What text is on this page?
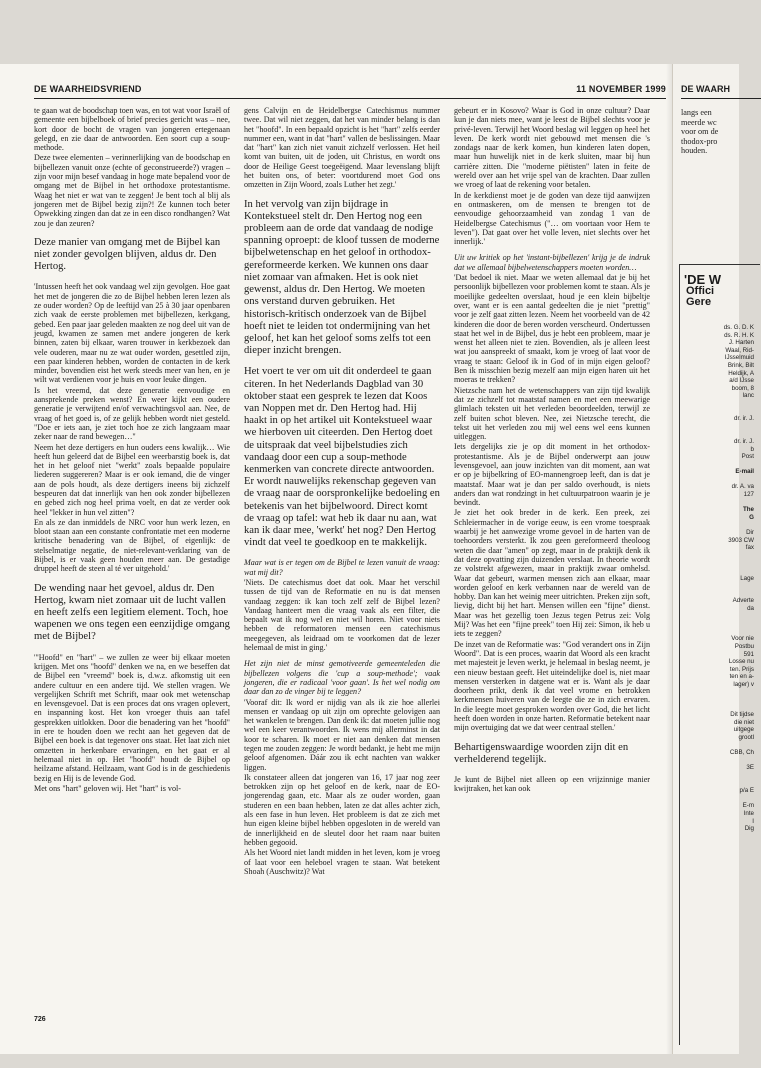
DE WAARHEIDSVRIEND	11 NOVEMBER 1999

te gaan wat de boodschap toen was, en tot wat voor Israël of gemeente een bijbelboek of brief precies gericht was – nee, kort door de bocht de vragen van jongeren ertegenaan gelegd, en zie daar de antwoorden. Een soort cup a soup-methode.

Deze twee elementen – verinnerlijking van de boodschap en bijbellezen vanuit onze (echte of geconstrueerde?) vragen – zijn voor mijn besef vandaag in hoge mate bepalend voor de omgang met de Bijbel in het orthodoxe protestantisme. Waag het niet er wat van te zeggen! Je bent toch al blij als jongeren met de Bijbel bezig zijn?! Ze kunnen toch beter Opwekking zingen dan dat ze in een disco rondhangen? Wat zou je dan zeuren?

Deze manier van omgang met de Bijbel kan niet zonder gevolgen blijven, aldus dr. Den Hertog.

'Intussen heeft het ook vandaag wel zijn gevolgen. Hoe gaat het met de jongeren die zo de Bijbel hebben leren lezen als ze ouder worden? Op de leeftijd van 25 à 30 jaar openbaren zich vaak de eerste problemen met bijbellezen, kerkgang, gebed. Een paar jaar geleden maakten ze nog deel uit van de jeugd, kwamen ze samen met andere jongeren de kerk binnen, zaten bij elkaar, waren trouwer in kerkbezoek dan vele ouderen, maar nu ze wat ouder worden, gesettled zijn, een paar kinderen hebben, worden de contacten in de kerk minder, bovendien eist het werk steeds meer van hen, en je wilt wat verdienen voor je huis en voor leuke dingen.

Is het vreemd, dat deze generatie eenvoudige en aansprekende preken wenst? En weer kijkt een oudere generatie je verwijtend en/of verwachtingsvol aan. Nee, de vraag of het goed is, of ze gelijk hebben wordt niet gesteld. "Doe er iets aan, je ziet toch hoe ze zich langzaam maar zeker naar de rand bewegen…"

Neem het deze dertigers en hun ouders eens kwalijk… Wie heeft hun geleerd dat de Bijbel een weerbarstig boek is, dat het in het geloof niet "werkt" zoals bepaalde populaire liederen suggereren? Maar is er ook iemand, die de vinger aan de pols houdt, als deze dertigers ineens bij zichzelf bespeuren dat dat innerlijk van hen ook zonder bijbellezen en gebed zich nog heel prima voelt, en dat ze verder ook heel "lekker in hun vel zitten"?

En als ze dan inmiddels de NRC voor hun werk lezen, en bloot staan aan een constante confrontatie met een moderne kritische benadering van de Bijbel, of eigenlijk: de stelselmatige negatie, de niet-relevant-verklaring van de Bijbel, is er vaak geen houden meer aan. De gestadige druppel heeft de steen al té ver uitgehold.'

De wending naar het gevoel, aldus dr. Den Hertog, kwam niet zomaar uit de lucht vallen en heeft zelfs een legitiem element. Toch, hoe wapenen we ons tegen een eenzijdige omgang met de Bijbel?

'"Hoofd" en "hart" – we zullen ze weer bij elkaar moeten krijgen. Met ons "hoofd" denken we na, en we beseffen dat de Bijbel een "vreemd" boek is, d.w.z. afkomstig uit een andere cultuur en een andere tijd. We stellen vragen. We vergelijken Schrift met Schrift, maar ook met wetenschap en levensgevoel. Dat is een proces dat ons vragen oplevert, en inspanning kost. Het kon vroeger thuis aan tafel gesprekken uitlokken. Door die benadering van het "hoofd" in ere te houden doen we recht aan het gegeven dat de Bijbel een boek is dat tegenover ons staat. Het laat zich niet omzetten in herkenbare ervaringen, en het gaat er al helemaal niet in op. Het "hoofd" houdt de Bijbel op heilzame afstand. Heilzaam, want God is in de geschiedenis bezig en Hij is de levende God.

Met ons "hart" geloven wij. Het "hart" is vol-

gens Calvijn en de Heidelbergse Catechismus nummer twee. Dat wil niet zeggen, dat het van minder belang is dan het "hoofd". In een bepaald opzicht is het "hart" zelfs eerder nummer een, want in dat "hart" vallen de beslissingen. Maar dat "hart" kan zich niet vanuit zichzelf verlossen. Het heil komt van buiten, uit de joden, uit Christus, en wordt ons door de Heilige Geest toegeëigend. Maar levenslang blijft het buiten ons, of beter: voortdurend moet God ons omzetten in Zijn Woord, zoals Luther het zegt.'

In het vervolg van zijn bijdrage in Kontekstueel stelt dr. Den Hertog nog een probleem aan de orde dat vandaag de nodige spanning oproept: de kloof tussen de moderne bijbelwetenschap en het geloof in orthodox-gereformeerde kerken. We kunnen ons daar niet zomaar van afmaken. Het is ook niet gewenst, aldus dr. Den Hertog. We moeten ons verstand durven gebruiken. Het historisch-kritisch onderzoek van de Bijbel hoeft niet te leiden tot ondermijning van het geloof, het kan het geloof soms zelfs tot een dieper inzicht brengen.

Het voert te ver om uit dit onderdeel te gaan citeren. In het Nederlands Dagblad van 30 oktober staat een gesprek te lezen dat Koos van Noppen met dr. Den Hertog had. Hij haakt in op het artikel uit Kontekstueel waar we hierboven uit citeerden. Den Hertog doet de uitspraak dat veel bijbelstudies zich vandaag door een cup a soup-methode kenmerken van concrete directe antwoorden. Er wordt nauwelijks rekenschap gegeven van de vraag naar de oorspronkelijke bedoeling en betekenis van het bijbelwoord. Direct komt de vraag op tafel: wat heb ik daar nu aan, wat kan ik daar mee, 'werkt' het nog? Den Hertog vindt dat veel te goedkoop en te makkelijk.

Maar wat is er tegen om de Bijbel te lezen vanuit de vraag: wat mij dit?

'Niets. De catechismus doet dat ook. Maar het verschil tussen de tijd van de Reformatie en nu is dat mensen vandaag zeggen: ik kan toch zelf zelf de Bijbel lezen? Vandaag hanteert men die vraag vaak als een filter, die bepaalt wat ik nog wel en niet wil horen. Niet voor niets hebben de reformatoren mensen een catechismus meegegeven, als leidraad om te voorkomen dat de lezer helemaal de mist in ging.'

Het zijn niet de minst gemotiveerde gemeenteleden die bijbellezen volgens die 'cup a soup-methode'; vaak jongeren, die er radicaal 'voor gaan'. Is het wel nodig om daar dan zo de vinger bij te leggen?

'Vooraf dit: Ik word er nijdig van als ik zie hoe allerlei mensen er vandaag op uit zijn om oprechte gelovigen aan het wankelen te brengen. Dan denk ik: dat moeten jullie nog wel een keer verantwoorden. Ik wens mij allerminst in dat koor te scharen. Ik moet er niet aan denken dat mensen tegen me zouden zeggen: Je wordt bedankt, je hebt me mijn geloof afgenomen. Dáár zou ik echt nachten van wakker liggen.

Ik constateer alleen dat jongeren van 16, 17 jaar nog zeer betrokken zijn op het geloof en de kerk, naar de EO-jongerendag gaan, etc. Maar als ze ouder worden, gaan studeren en een baan hebben, laten ze dat alles achter zich, als een fase in hun leven. Het probleem is dat ze zich met hun eigen kleine bijbel hebben opgesloten in de wereld van de innerlijkheid en de sleutel door het raam naar buiten hebben gegooid.

Als het Woord niet landt midden in het leven, kom je vroeg of laat voor een heleboel vragen te staan. Wat betekent Shoah (Auschwitz)? Wat

gebeurt er in Kosovo? Waar is God in onze cultuur? Daar kun je dan niets mee, want je leest de Bijbel slechts voor je privé-leven. Terwijl het Woord beslag wil leggen op heel het leven. De kerk wordt niet gebouwd met mensen die 's zondags naar de kerk komen, hun kinderen laten dopen, maar hun huwelijk niet in de kerk sluiten, maar bij hun carrière zitten. Die "moderne piëtisten" laten in feite de wereld over aan het vrije spel van de krachten. Daar zullen we vroeg of laat de rekening voor betalen.

In de kerkdienst moet je de goden van deze tijd aanwijzen en ontmaskeren, om de mensen te brengen tot de eenvoudige gehoorzaamheid van zondag 1 van de Heidelbergse Catechismus ("… om voortaan voor Hem te leven"). Dat gaat over het volle leven, niet slechts over het innerlijk.'

Uit uw kritiek op het 'instant-bijbellezen' krijg je de indruk dat we allemaal bijbelwetenschappers moeten worden…

'Dat bedoel ik niet. Maar we weten allemaal dat je bij het persoonlijk bijbellezen voor problemen komt te staan. Als je moeilijke gedeelten overslaat, houd je een klein bijbeltje over, want er is een aantal gedeelten die je niet "prettig" voor je zelf gaat zitten lezen. Neem het voorbeeld van de 42 kinderen die door de beren worden verscheurd. Ondertussen staat het wel in de Bijbel, dus je hebt een probleem, maar je wenst het alleen niet te zien. Bovendien, als je alleen leest wat jou aanspreekt of smaakt, kom je vroeg of laat voor de vraag te staan: Geloof ik in God of in mijn eigen geloof? Ben ik misschien bezig mezelf aan mijn eigen haren uit het moeras te trekken?

Nietzsche nam het de wetenschappers van zijn tijd kwalijk dat ze zichzelf tot maatstaf namen en met een meewarige glimlach teksten uit het verleden beoordeelden, terwijl ze zelf buiten schot bleven. Nee, zei Nietzsche terecht, die tekst uit het verleden zou mij wel eens wel eens kunnen uitleggen.

Iets dergelijks zie je op dit moment in het orthodox-protestantisme. Als je de Bijbel onderwerpt aan jouw levensgevoel, aan jouw inzichten van dit moment, aan wat er op je bijbelkring of EO-mannengroep leeft, dan is dat je maatstaf. Maar wat je dan per saldo overhoudt, is niets anders dan wat rondzingt in het cultuurpatroon waarin je je bevindt.

Je ziet het ook breder in de kerk. Een preek, zei Schleiermacher in de vorige eeuw, is een vrome toespraak waarbij je het aanwezige vrome gevoel in de harten van de toehoorders versterkt. Ik zou geen gereformeerd theoloog weten die daar "amen" op zegt, maar in de praktijk denk ik dat deze opvatting zijn duizenden verslaat. In theorie wordt ze volstrekt afgewezen, maar in praktijk zwaar omhelsd. Waar dat gebeurt, warmen mensen zich aan elkaar, maar worden geloof en kerk verbannen naar de wereld van de hobby. Dan kan het weinig meer uitrichten. Preken zijn soft, lievig, dicht bij het hart. Mensen willen een "fijne" dienst. Maar was het gezellig toen Jezus tegen Petrus zei: Volg Mij? Was het een "fijne preek" toen Hij zei: Simon, ik heb u iets te zeggen?

De inzet van de Reformatie was: "God verandert ons in Zijn Woord". Dat is een proces, waarin dat Woord als een kracht met majesteit je leven werkt, je helemaal in beslag neemt, je een nieuw bestaan geeft. Het uiteindelijke doel is, niet maar mensen versterken in datgene wat er is. Want als je daar doorheen prikt, denk ik dat veel vrome en betrokken kerkmensen huiveren van de leegte die ze in zich ervaren. In die leegte moet gesproken worden over God, die het licht heeft doen worden in onze harten. Reformatie betekent naar mijn overtuiging dat we dat weer centraal stellen.'

Behartigenswaardige woorden zijn dit en verhelderend tegelijk.

Je kunt de Bijbel niet alleen op een vrijzinnige manier kwijtraken, het kan ook

726
DE WAARH
langs een
meerde wc
voor om de
thodox-pro
houden.
'DE W
Offici
Gere
ds. G. D. K
ds. R. H. K
J. Harten
Waal, Rid-
IJsselmuid
Brink, Bilt
Heldijk, A
a/d IJsse
boom, 8
lanc

dr. ir. J.

dr. ir. J.
b
Post

E-mail

dr. A. va
127

The
G

Dir
3903 CW
fax

Lage

Adverte
da

Voor nie
Postbu
591
Losse nu
ten. Prijs
ten en a-
lager) v

Dit tijdse
die niet
uitgege
grootl

CBB, Ch

3E

p/a E

E-m
Inte
I
Dig
